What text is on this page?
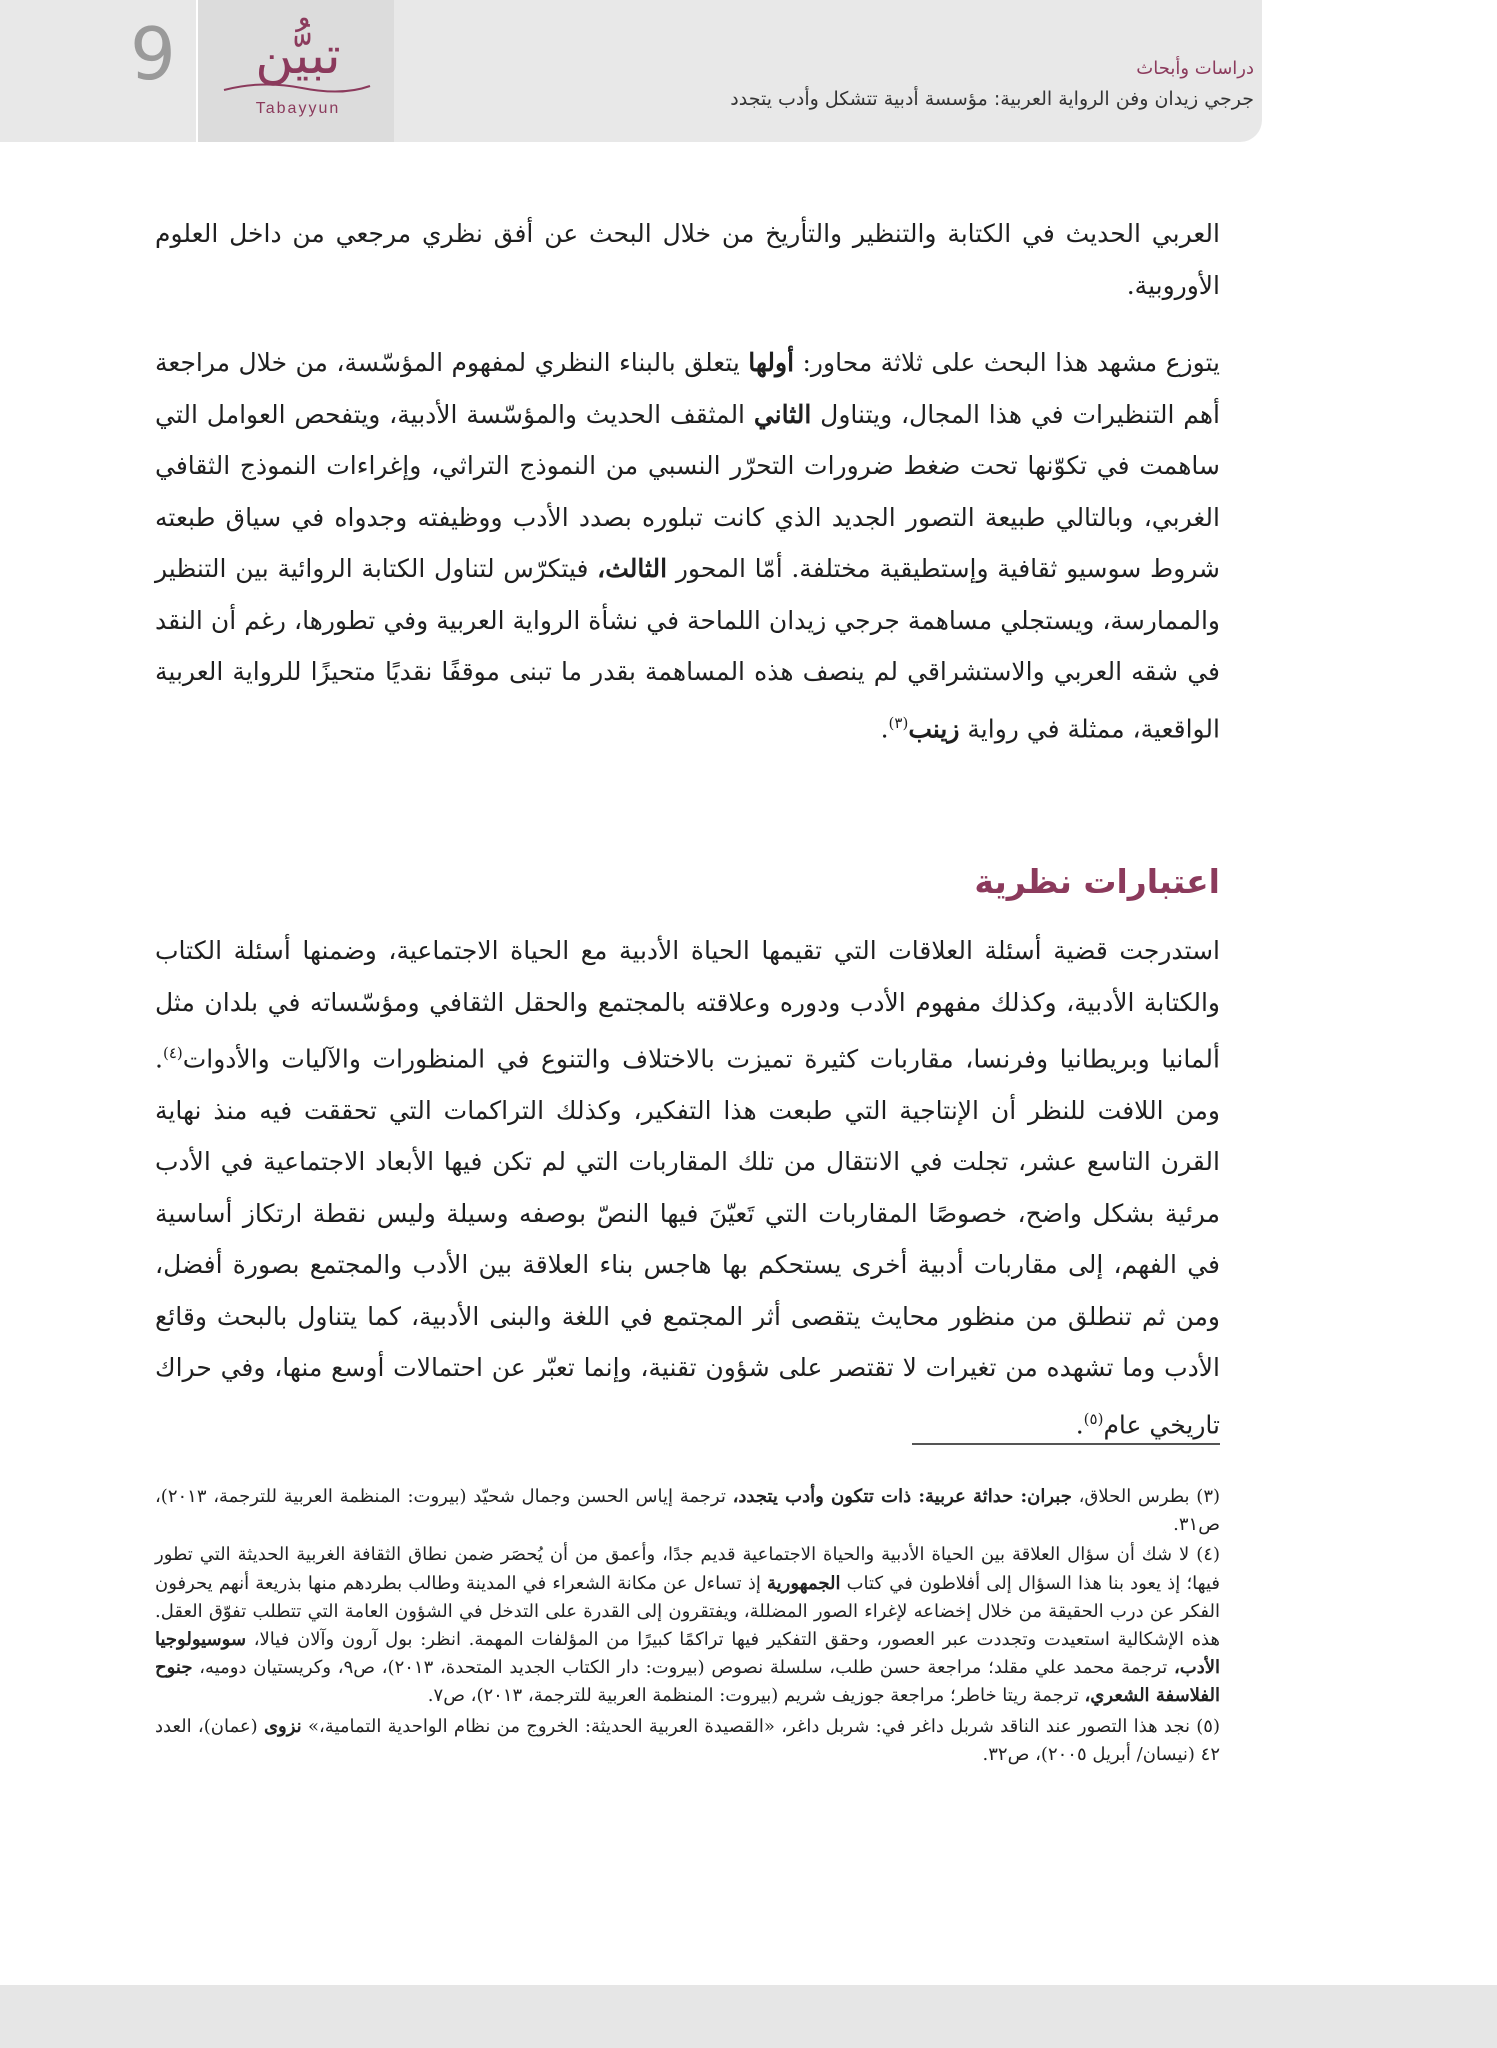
9	تبيُّن
Tabayyun
دراسات وأبحاث
جرجي زيدان وفن الرواية العربية: مؤسسة أدبية تتشكل وأدب يتجدد

العربي الحديث في الكتابة والتنظير والتأريخ من خلال البحث عن أفق نظري مرجعي من داخل العلوم الأوروبية.

يتوزع مشهد هذا البحث على ثلاثة محاور: أولها يتعلق بالبناء النظري لمفهوم المؤسّسة، من خلال مراجعة أهم التنظيرات في هذا المجال، ويتناول الثاني المثقف الحديث والمؤسّسة الأدبية، ويتفحص العوامل التي ساهمت في تكوّنها تحت ضغط ضرورات التحرّر النسبي من النموذج التراثي، وإغراءات النموذج الثقافي الغربي، وبالتالي طبيعة التصور الجديد الذي كانت تبلوره بصدد الأدب ووظيفته وجدواه في سياق طبعته شروط سوسيو ثقافية وإستطيقية مختلفة. أمّا المحور الثالث، فيتكرّس لتناول الكتابة الروائية بين التنظير والممارسة، ويستجلي مساهمة جرجي زيدان اللماحة في نشأة الرواية العربية وفي تطورها، رغم أن النقد في شقه العربي والاستشراقي لم ينصف هذه المساهمة بقدر ما تبنى موقفًا نقديًا متحيزًا للرواية العربية الواقعية، ممثلة في رواية زينب$^{(٣)}$.

اعتبارات نظرية

استدرجت قضية أسئلة العلاقات التي تقيمها الحياة الأدبية مع الحياة الاجتماعية، وضمنها أسئلة الكتاب والكتابة الأدبية، وكذلك مفهوم الأدب ودوره وعلاقته بالمجتمع والحقل الثقافي ومؤسّساته في بلدان مثل ألمانيا وبريطانيا وفرنسا، مقاربات كثيرة تميزت بالاختلاف والتنوع في المنظورات والآليات والأدوات$^{(٤)}$. ومن اللافت للنظر أن الإنتاجية التي طبعت هذا التفكير، وكذلك التراكمات التي تحققت فيه منذ نهاية القرن التاسع عشر، تجلت في الانتقال من تلك المقاربات التي لم تكن فيها الأبعاد الاجتماعية في الأدب مرئية بشكل واضح، خصوصًا المقاربات التي تَعيّنَ فيها النصّ بوصفه وسيلة وليس نقطة ارتكاز أساسية في الفهم، إلى مقاربات أدبية أخرى يستحكم بها هاجس بناء العلاقة بين الأدب والمجتمع بصورة أفضل، ومن ثم تنطلق من منظور محايث يتقصى أثر المجتمع في اللغة والبنى الأدبية، كما يتناول بالبحث وقائع الأدب وما تشهده من تغيرات لا تقتصر على شؤون تقنية، وإنما تعبّر عن احتمالات أوسع منها، وفي حراك تاريخي عام$^{(٥)}$.

(٣) بطرس الحلاق، جبران: حداثة عربية: ذات تتكون وأدب يتجدد، ترجمة إياس الحسن وجمال شحيّد (بيروت: المنظمة العربية للترجمة، ٢٠١٣)، ص٣١.

(٤) لا شك أن سؤال العلاقة بين الحياة الأدبية والحياة الاجتماعية قديم جدًا، وأعمق من أن يُحصَر ضمن نطاق الثقافة الغربية الحديثة التي تطور فيها؛ إذ يعود بنا هذا السؤال إلى أفلاطون في كتاب الجمهورية إذ تساءل عن مكانة الشعراء في المدينة وطالب بطردهم منها بذريعة أنهم يحرفون الفكر عن درب الحقيقة من خلال إخضاعه لإغراء الصور المضللة، ويفتقرون إلى القدرة على التدخل في الشؤون العامة التي تتطلب تفوّق العقل. هذه الإشكالية استعيدت وتجددت عبر العصور، وحقق التفكير فيها تراكمًا كبيرًا من المؤلفات المهمة. انظر: بول آرون وآلان فيالا، سوسيولوجيا الأدب، ترجمة محمد علي مقلد؛ مراجعة حسن طلب، سلسلة نصوص (بيروت: دار الكتاب الجديد المتحدة، ٢٠١٣)، ص٩، وكريستيان دوميه، جنوح الفلاسفة الشعري، ترجمة ريتا خاطر؛ مراجعة جوزيف شريم (بيروت: المنظمة العربية للترجمة، ٢٠١٣)، ص٧.

(٥) نجد هذا التصور عند الناقد شربل داغر في: شربل داغر، «القصيدة العربية الحديثة: الخروج من نظام الواحدية التمامية،» نزوى (عمان)، العدد ٤٢ (نيسان/ أبريل ٢٠٠٥)، ص٣٢.
